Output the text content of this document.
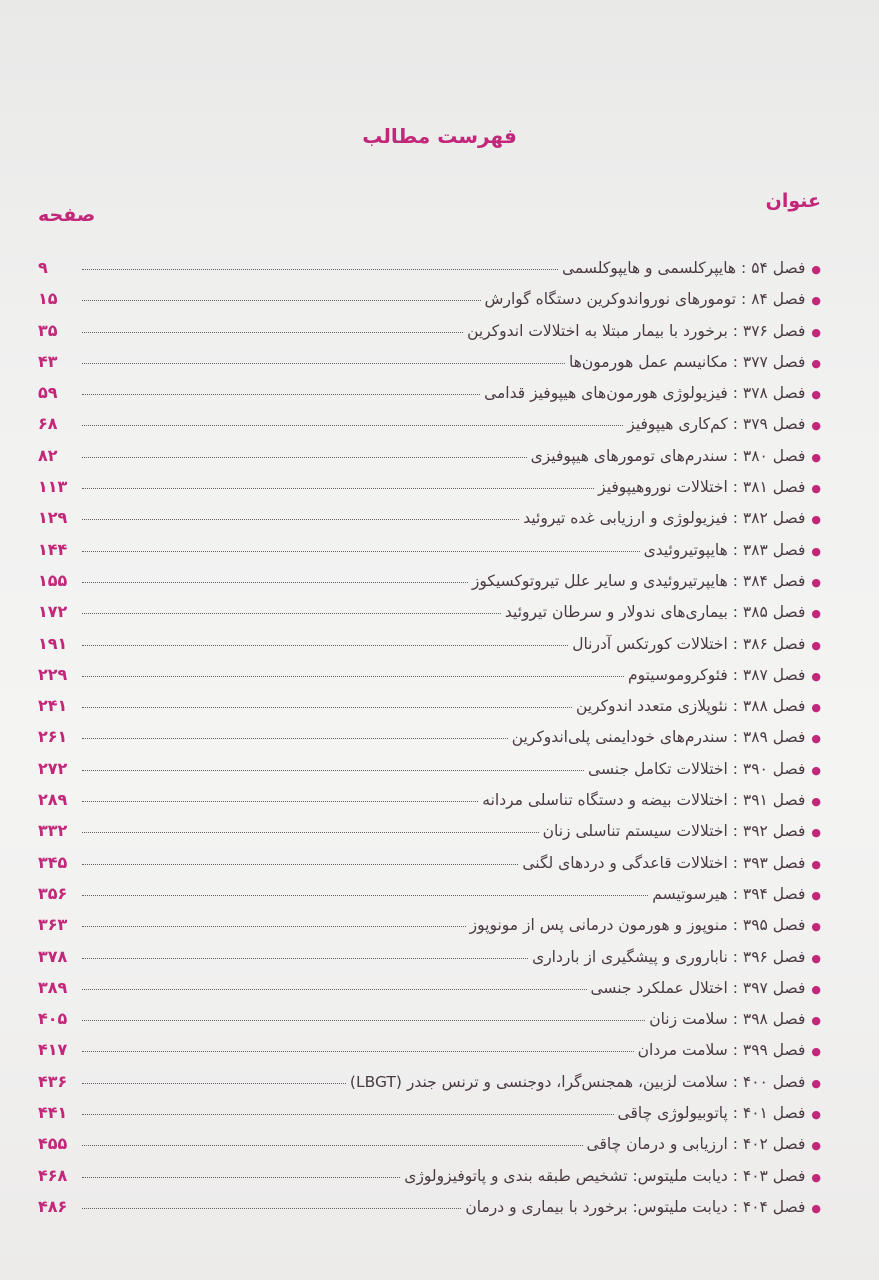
فهرست مطالب
عنوان
صفحه
●
فصل ۵۴ : هایپرکلسمی و هایپوکلسمی
۹
●
فصل ۸۴ : تومورهای نورواندوکرین دستگاه گوارش
۱۵
●
فصل ۳۷۶ : برخورد با بیمار مبتلا به اختلالات اندوکرین
۳۵
●
فصل ۳۷۷ : مکانیسم عمل هورمون‌ها
۴۳
●
فصل ۳۷۸ : فیزیولوژی هورمون‌های هیپوفیز قدامی
۵۹
●
فصل ۳۷۹ : کم‌کاری هیپوفیز
۶۸
●
فصل ۳۸۰ : سندرم‌های تومورهای هیپوفیزی
۸۲
●
فصل ۳۸۱ : اختلالات نوروهیپوفیز
۱۱۳
●
فصل ۳۸۲ : فیزیولوژی و ارزیابی غده تیروئید
۱۲۹
●
فصل ۳۸۳ : هایپوتیروئیدی
۱۴۴
●
فصل ۳۸۴ : هایپرتیروئیدی و سایر علل تیروتوکسیکوز
۱۵۵
●
فصل ۳۸۵ : بیماری‌های ندولار و سرطان تیروئید
۱۷۲
●
فصل ۳۸۶ : اختلالات کورتکس آدرنال
۱۹۱
●
فصل ۳۸۷ : فئوکروموسیتوم
۲۲۹
●
فصل ۳۸۸ : نئوپلازی متعدد اندوکرین
۲۴۱
●
فصل ۳۸۹ : سندرم‌های خودایمنی پلی‌اندوکرین
۲۶۱
●
فصل ۳۹۰ : اختلالات تکامل جنسی
۲۷۲
●
فصل ۳۹۱ : اختلالات بیضه و دستگاه تناسلی مردانه
۲۸۹
●
فصل ۳۹۲ : اختلالات سیستم تناسلی زنان
۳۳۲
●
فصل ۳۹۳ : اختلالات قاعدگی و دردهای لگنی
۳۴۵
●
فصل ۳۹۴ : هیرسوتیسم
۳۵۶
●
فصل ۳۹۵ : منوپوز و هورمون درمانی پس از مونوپوز
۳۶۳
●
فصل ۳۹۶ : ناباروری و پیشگیری از بارداری
۳۷۸
●
فصل ۳۹۷ : اختلال عملکرد جنسی
۳۸۹
●
فصل ۳۹۸ : سلامت زنان
۴۰۵
●
فصل ۳۹۹ : سلامت مردان
۴۱۷
●
فصل ۴۰۰ : سلامت لزبین، همجنس‌گرا، دوجنسی و ترنس جندر (LBGT)
۴۳۶
●
فصل ۴۰۱ : پاتوبیولوژی چاقی
۴۴۱
●
فصل ۴۰۲ : ارزیابی و درمان چاقی
۴۵۵
●
فصل ۴۰۳ : دیابت ملیتوس: تشخیص طبقه بندی و پاتوفیزولوژی
۴۶۸
●
فصل ۴۰۴ : دیابت ملیتوس: برخورد با بیماری و درمان
۴۸۶
